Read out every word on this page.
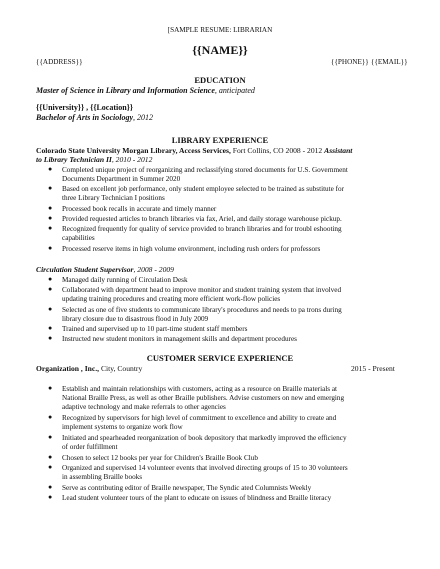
[SAMPLE RESUME: LIBRARIAN
{{NAME}}
{{ADDRESS}}	{{PHONE}} {{EMAIL}}
EDUCATION
Master of Science in Library and Information Science, anticipated
{{University}} , {{Location}}
Bachelor of Arts in Sociology, 2012
LIBRARY EXPERIENCE
Colorado State University Morgan Library, Access Services, Fort Collins, CO 2008 - 2012 Assistant
to Library Technician II, 2010 - 2012
● Completed unique project of reorganizing and reclassifying stored documents for U.S. Government
Documents Department in Summer 2020
● Based on excellent job performance, only student employee selected to be trained as substitute for
three Library Technician I positions
● Processed book recalls in accurate and timely manner
● Provided requested articles to branch libraries via fax, Ariel, and daily storage warehouse pickup.
● Recognized frequently for quality of service provided to branch libraries and for troubl eshooting
capabilities
● Processed reserve items in high volume environment, including rush orders for professors
Circulation Student Supervisor, 2008 - 2009
● Managed daily running of Circulation Desk
● Collaborated with department head to improve monitor and student training system that involved
updating training procedures and creating more efficient work-flow policies
● Selected as one of five students to communicate library's procedures and needs to pa trons during
library closure due to disastrous flood in July 2009
● Trained and supervised up to 10 part-time student staff members
● Instructed new student monitors in management skills and department procedures
CUSTOMER SERVICE EXPERIENCE
Organization , Inc., City, Country	2015 - Present
● Establish and maintain relationships with customers, acting as a resource on Braille materials at
National Braille Press, as well as other Braille publishers. Advise customers on new and emerging
adaptive technology and make referrals to other agencies
● Recognized by supervisors for high level of commitment to excellence and ability to create and
implement systems to organize work flow
● Initiated and spearheaded reorganization of book depository that markedly improved the efficiency
of order fulfillment
● Chosen to select 12 books per year for Children's Braille Book Club
● Organized and supervised 14 volunteer events that involved directing groups of 15 to 30 volunteers
in assembling Braille books
● Serve as contributing editor of Braille newspaper, The Syndic ated Columnists Weekly
● Lead student volunteer tours of the plant to educate on issues of blindness and Braille literacy
